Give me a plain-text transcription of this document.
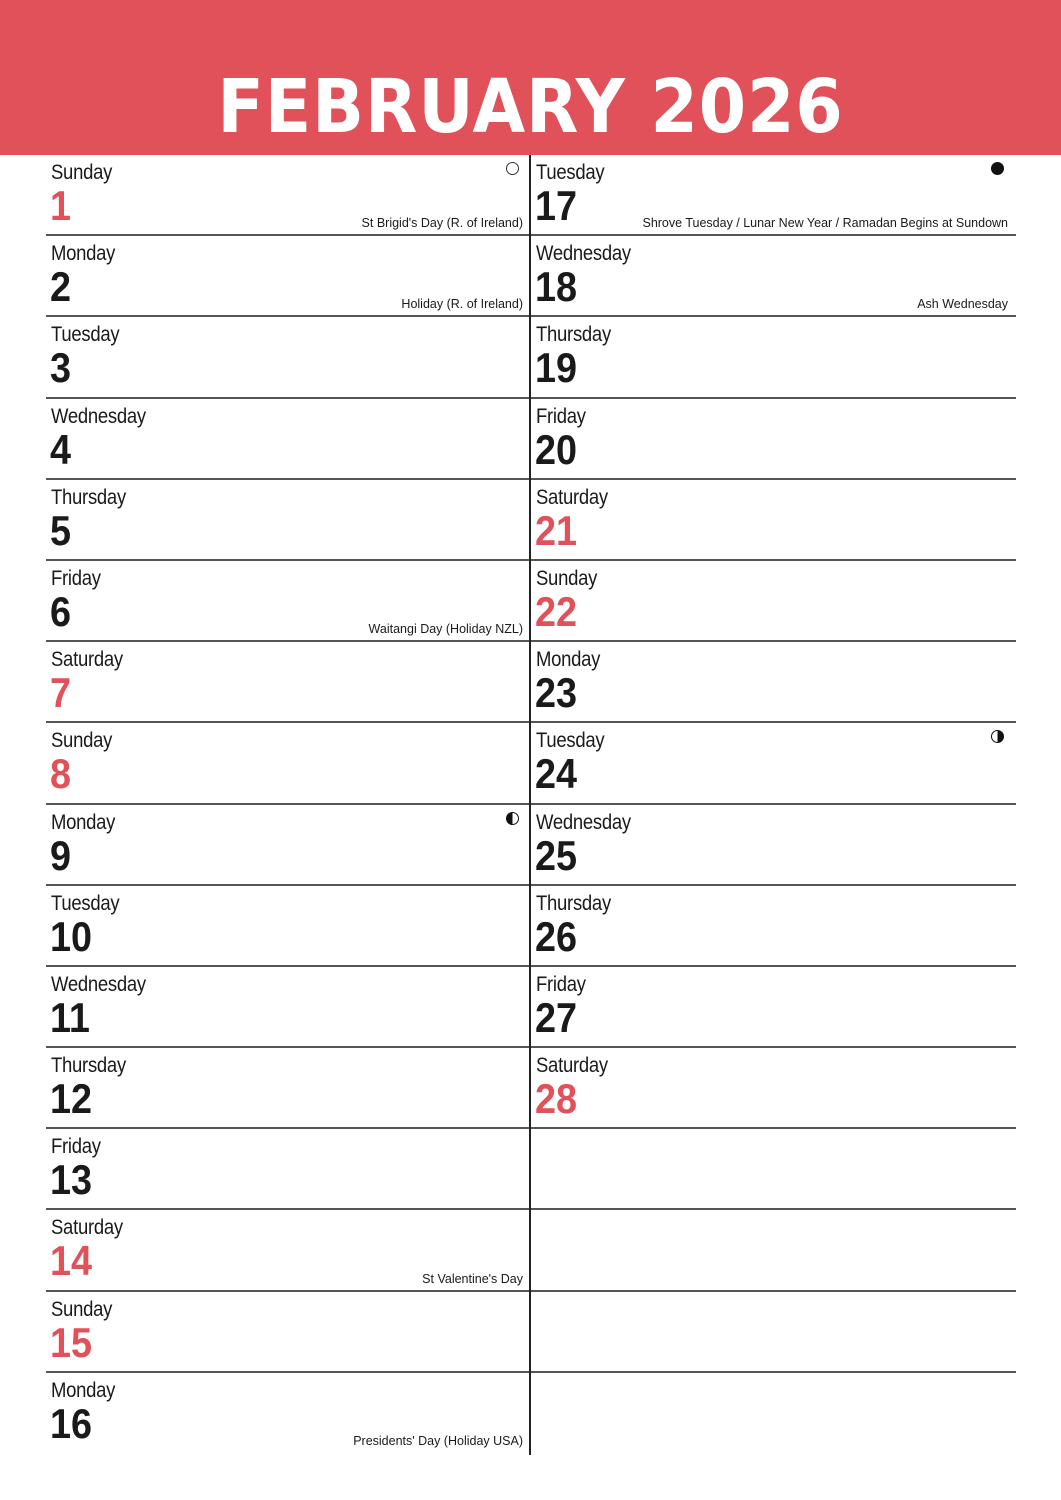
FEBRUARY 2026
Sunday
1	St Brigid's Day (R. of Ireland)
Monday
2	Holiday (R. of Ireland)
Tuesday
3
Wednesday
4
Thursday
5
Friday
6	Waitangi Day (Holiday NZL)
Saturday
7
Sunday
8
Monday
9
Tuesday
10
Wednesday
11
Thursday
12
Friday
13
Saturday
14	St Valentine's Day
Sunday
15
Monday
16	Presidents' Day (Holiday USA)
Tuesday
17	Shrove Tuesday / Lunar New Year / Ramadan Begins at Sundown
Wednesday
18	Ash Wednesday
Thursday
19
Friday
20
Saturday
21
Sunday
22
Monday
23
Tuesday
24
Wednesday
25
Thursday
26
Friday
27
Saturday
28
